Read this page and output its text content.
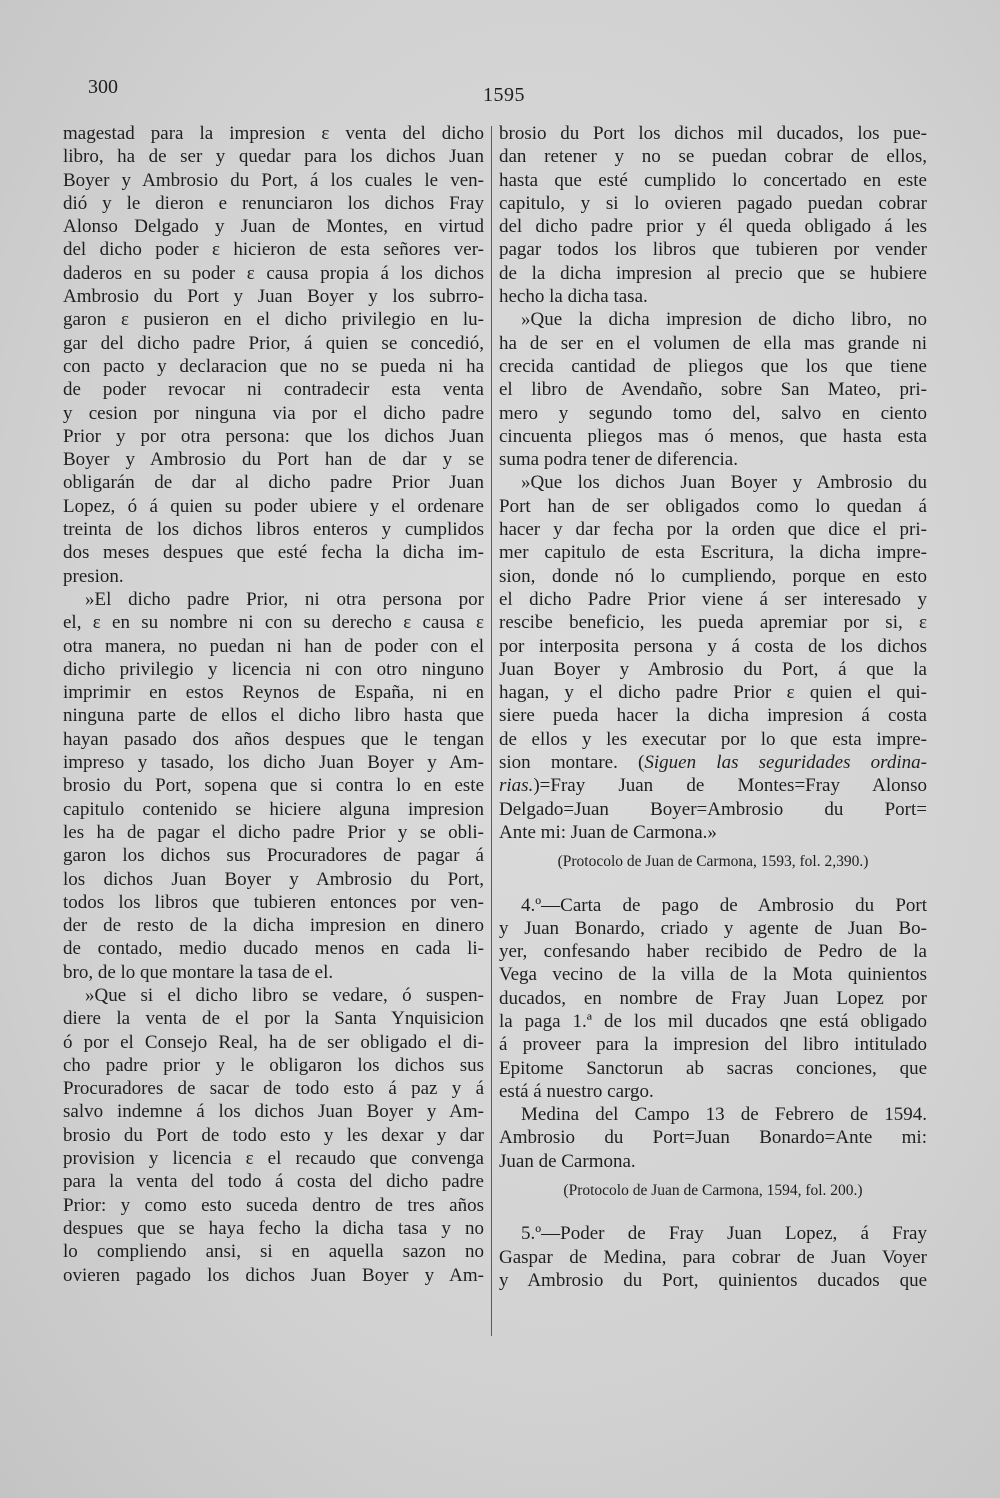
300	1595
magestad para la impresion ɛ venta del dicho
libro, ha de ser y quedar para los dichos Juan
Boyer y Ambrosio du Port, á los cuales le ven-
dió y le dieron e renunciaron los dichos Fray
Alonso Delgado y Juan de Montes, en virtud
del dicho poder ɛ hicieron de esta señores ver-
daderos en su poder ɛ causa propia á los dichos
Ambrosio du Port y Juan Boyer y los subrro-
garon ɛ pusieron en el dicho privilegio en lu-
gar del dicho padre Prior, á quien se concedió,
con pacto y declaracion que no se pueda ni ha
de poder revocar ni contradecir esta venta
y cesion por ninguna via por el dicho padre
Prior y por otra persona: que los dichos Juan
Boyer y Ambrosio du Port han de dar y se
obligarán de dar al dicho padre Prior Juan
Lopez, ó á quien su poder ubiere y el ordenare
treinta de los dichos libros enteros y cumplidos
dos meses despues que esté fecha la dicha im-
presion.
»El dicho padre Prior, ni otra persona por
el, ɛ en su nombre ni con su derecho ɛ causa ɛ
otra manera, no puedan ni han de poder con el
dicho privilegio y licencia ni con otro ninguno
imprimir en estos Reynos de España, ni en
ninguna parte de ellos el dicho libro hasta que
hayan pasado dos años despues que le tengan
impreso y tasado, los dicho Juan Boyer y Am-
brosio du Port, sopena que si contra lo en este
capitulo contenido se hiciere alguna impresion
les ha de pagar el dicho padre Prior y se obli-
garon los dichos sus Procuradores de pagar á
los dichos Juan Boyer y Ambrosio du Port,
todos los libros que tubieren entonces por ven-
der de resto de la dicha impresion en dinero
de contado, medio ducado menos en cada li-
bro, de lo que montare la tasa de el.
»Que si el dicho libro se vedare, ó suspen-
diere la venta de el por la Santa Ynquisicion
ó por el Consejo Real, ha de ser obligado el di-
cho padre prior y le obligaron los dichos sus
Procuradores de sacar de todo esto á paz y á
salvo indemne á los dichos Juan Boyer y Am-
brosio du Port de todo esto y les dexar y dar
provision y licencia ɛ el recaudo que convenga
para la venta del todo á costa del dicho padre
Prior: y como esto suceda dentro de tres años
despues que se haya fecho la dicha tasa y no
lo compliendo ansi, si en aquella sazon no
ovieren pagado los dichos Juan Boyer y Am-
brosio du Port los dichos mil ducados, los pue-
dan retener y no se puedan cobrar de ellos,
hasta que esté cumplido lo concertado en este
capitulo, y si lo ovieren pagado puedan cobrar
del dicho padre prior y él queda obligado á les
pagar todos los libros que tubieren por vender
de la dicha impresion al precio que se hubiere
hecho la dicha tasa.
»Que la dicha impresion de dicho libro, no
ha de ser en el volumen de ella mas grande ni
crecida cantidad de pliegos que los que tiene
el libro de Avendaño, sobre San Mateo, pri-
mero y segundo tomo del, salvo en ciento
cincuenta pliegos mas ó menos, que hasta esta
suma podra tener de diferencia.
»Que los dichos Juan Boyer y Ambrosio du
Port han de ser obligados como lo quedan á
hacer y dar fecha por la orden que dice el pri-
mer capitulo de esta Escritura, la dicha impre-
sion, donde nó lo cumpliendo, porque en esto
el dicho Padre Prior viene á ser interesado y
rescibe beneficio, les pueda apremiar por si, ɛ
por interposita persona y á costa de los dichos
Juan Boyer y Ambrosio du Port, á que la
hagan, y el dicho padre Prior ɛ quien el qui-
siere pueda hacer la dicha impresion á costa
de ellos y les executar por lo que esta impre-
sion montare. (Siguen las seguridades ordina-
rias.)=Fray Juan de Montes=Fray Alonso
Delgado=Juan Boyer=Ambrosio du Port=
Ante mi: Juan de Carmona.»
(Protocolo de Juan de Carmona, 1593, fol. 2,390.)
4.º—Carta de pago de Ambrosio du Port
y Juan Bonardo, criado y agente de Juan Bo-
yer, confesando haber recibido de Pedro de la
Vega vecino de la villa de la Mota quinientos
ducados, en nombre de Fray Juan Lopez por
la paga 1.ª de los mil ducados qne está obligado
á proveer para la impresion del libro intitulado
Epitome Sanctorun ab sacras conciones, que
está á nuestro cargo.
Medina del Campo 13 de Febrero de 1594.
Ambrosio du Port=Juan Bonardo=Ante mi:
Juan de Carmona.
(Protocolo de Juan de Carmona, 1594, fol. 200.)
5.º—Poder de Fray Juan Lopez, á Fray
Gaspar de Medina, para cobrar de Juan Voyer
y Ambrosio du Port, quinientos ducados que
